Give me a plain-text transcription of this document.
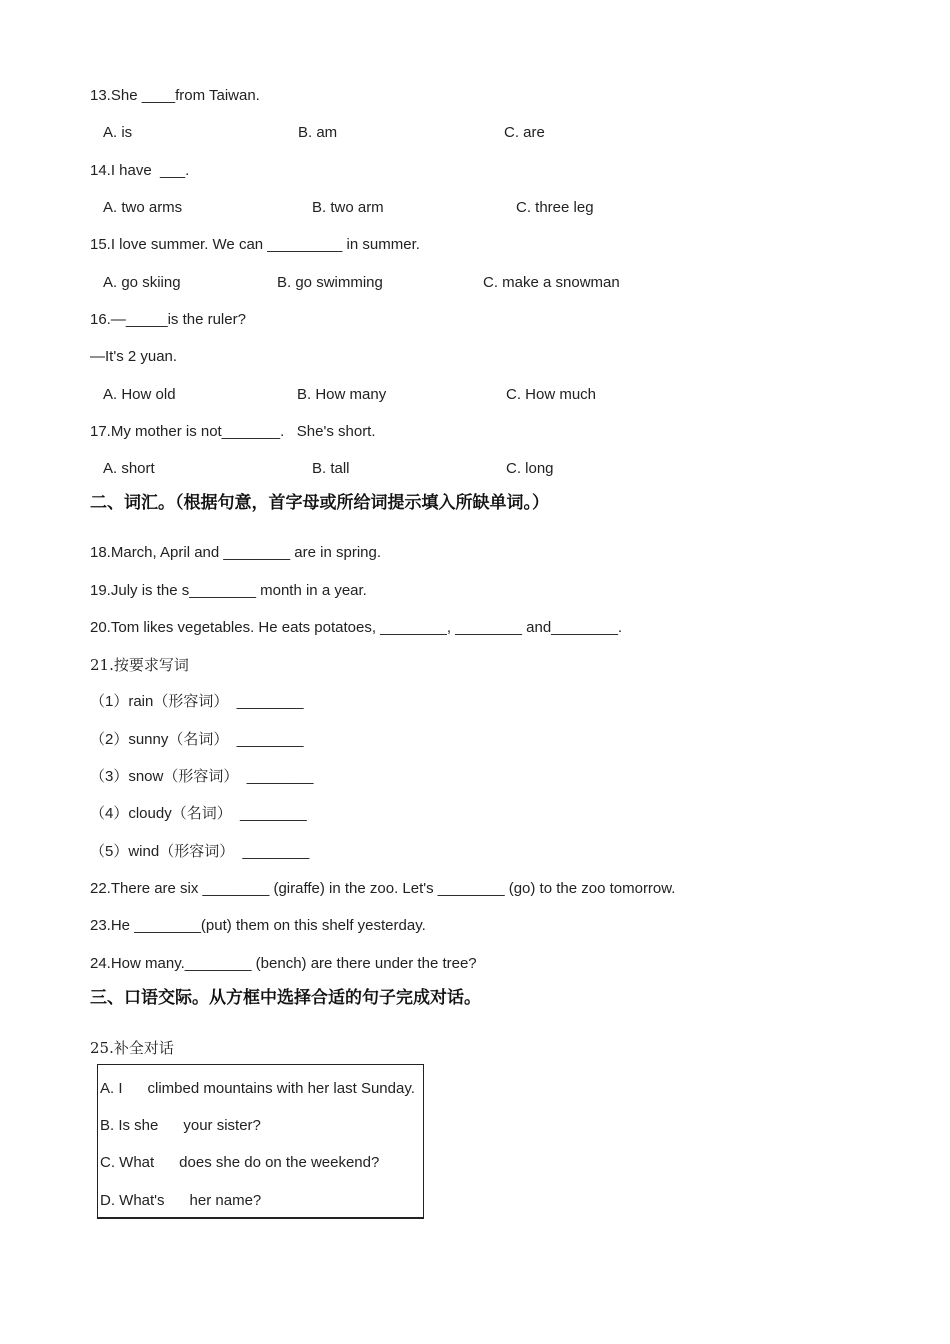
13.She ____from Taiwan.
A. is	B. am	C. are
14.I have  ___.
A. two arms	B. two arm	C. three leg
15.I love summer. We can _________ in summer.
A. go skiing	B. go swimming	C. make a snowman
16.—_____is the ruler?
—It's 2 yuan.
A. How old	B. How many	C. How much
17.My mother is not_______.   She's short.
A. short	B. tall	C. long
二、词汇。（根据句意，首字母或所给词提示填入所缺单词。）
18.March, April and ________ are in spring.
19.July is the s________ month in a year.
20.Tom likes vegetables. He eats potatoes, ________, ________ and________.
21.按要求写词
（1）rain（形容词）  ________
（2）sunny（名词）  ________
（3）snow（形容词）  ________
（4）cloudy（名词）  ________
（5）wind（形容词）  ________
22.There are six ________ (giraffe) in the zoo. Let's ________ (go) to the zoo tomorrow.
23.He ________(put) them on this shelf yesterday.
24.How many.________ (bench) are there under the tree?
三、口语交际。从方框中选择合适的句子完成对话。
25.补全对话
A. I      climbed mountains with her last Sunday.
B. Is she      your sister?
C. What      does she do on the weekend?
D. What's      her name?
